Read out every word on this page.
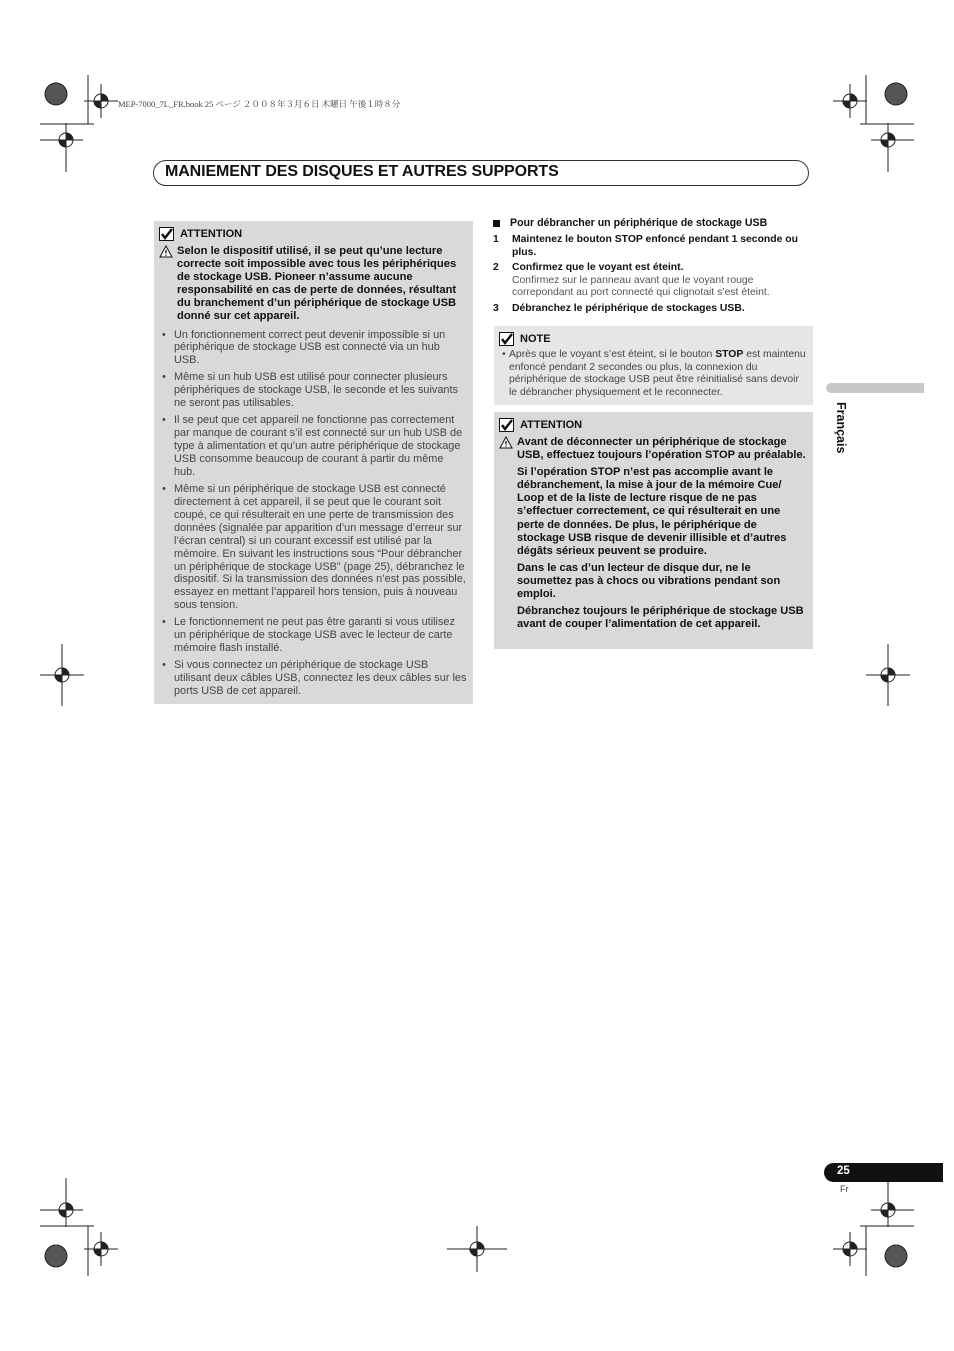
MEP-7000_7L_FR.book 25 ページ ２００８年３月６日 木曜日 午後１時８分
MANIEMENT DES DISQUES ET AUTRES SUPPORTS
ATTENTION
Selon le dispositif utilisé, il se peut qu’une lecture correcte soit impossible avec tous les périphériques de stockage USB. Pioneer n’assume aucune responsabilité en cas de perte de données, résultant du branchement d’un périphérique de stockage USB donné sur cet appareil.
• Un fonctionnement correct peut devenir impossible si un périphérique de stockage USB est connecté via un hub USB.
• Même si un hub USB est utilisé pour connecter plusieurs périphériques de stockage USB, le seconde et les suivants ne seront pas utilisables.
• Il se peut que cet appareil ne fonctionne pas correctement par manque de courant s’il est connecté sur un hub USB de type à alimentation et qu’un autre périphérique de stockage USB consomme beaucoup de courant à partir du même hub.
• Même si un périphérique de stockage USB est connecté directement à cet appareil, il se peut que le courant soit coupé, ce qui résulterait en une perte de transmission des données (signalée par apparition d’un message d’erreur sur l’écran central) si un courant excessif est utilisé par la mémoire. En suivant les instructions sous “Pour débrancher un périphérique de stockage USB” (page 25), débranchez le dispositif. Si la transmission des données n’est pas possible, essayez en mettant l’appareil hors tension, puis à nouveau sous tension.
• Le fonctionnement ne peut pas être garanti si vous utilisez un périphérique de stockage USB avec le lecteur de carte mémoire flash installé.
• Si vous connectez un périphérique de stockage USB utilisant deux câbles USB, connectez les deux câbles sur les ports USB de cet appareil.
Pour débrancher un périphérique de stockage USB
1	Maintenez le bouton STOP enfoncé pendant 1 seconde ou plus.
2	Confirmez que le voyant est éteint.
Confirmez sur le panneau avant que le voyant rouge correpondant au port connecté qui clignotait s’est éteint.
3	Débranchez le périphérique de stockages USB.
NOTE
• Après que le voyant s’est éteint, si le bouton STOP est maintenu enfoncé pendant 2 secondes ou plus, la connexion du périphérique de stockage USB peut être réinitialisé sans devoir le débrancher physiquement et le reconnecter.
ATTENTION

Avant de déconnecter un périphérique de stockage USB, effectuez toujours l’opération STOP au préalable.

Si l’opération STOP n’est pas accomplie avant le débranchement, la mise à jour de la mémoire Cue/ Loop et de la liste de lecture risque de ne pas s’effectuer correctement, ce qui résulterait en une perte de données. De plus, le périphérique de stockage USB risque de devenir illisible et d’autres dégâts sérieux peuvent se produire.

Dans le cas d’un lecteur de disque dur, ne le soumettez pas à chocs ou vibrations pendant son emploi.

Débranchez toujours le périphérique de stockage USB avant de couper l’alimentation de cet appareil.

Français
25
Fr
